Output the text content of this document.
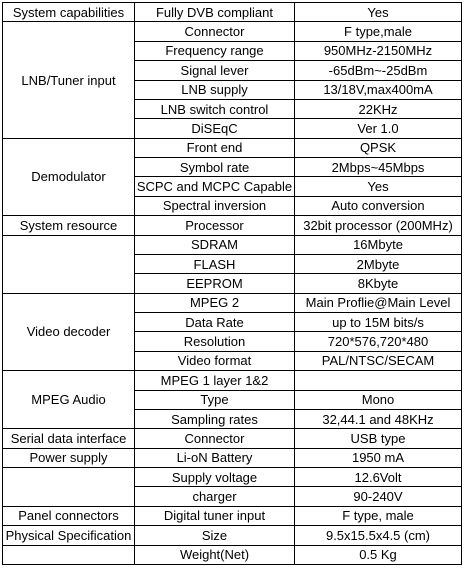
System capabilities	Fully DVB compliant	Yes
LNB/Tuner input	Connector	F type,male
	Frequency range	950MHz-2150MHz
	Signal lever	-65dBm~-25dBm
	LNB supply	13/18V,max400mA
	LNB switch control	22KHz
	DiSEqC	Ver 1.0
Demodulator	Front end	QPSK
	Symbol rate	2Mbps~45Mbps
	SCPC and MCPC Capable	Yes
	Spectral inversion	Auto conversion
System resource	Processor	32bit processor (200MHz)
	SDRAM	16Mbyte
	FLASH	2Mbyte
	EEPROM	8Kbyte
Video decoder	MPEG 2	Main Proflie@Main Level
	Data Rate	up to 15M bits/s
	Resolution	720*576,720*480
	Video format	PAL/NTSC/SECAM
MPEG Audio	MPEG 1 layer 1&2	
	Type	Mono
	Sampling rates	32,44.1 and 48KHz
Serial data interface	Connector	USB type
Power supply	Li-oN Battery	1950 mA
	Supply voltage	12.6Volt
	charger	90-240V
Panel connectors	Digital tuner input	F type, male
Physical Specification	Size	9.5x15.5x4.5 (cm)
	Weight(Net)	0.5 Kg
